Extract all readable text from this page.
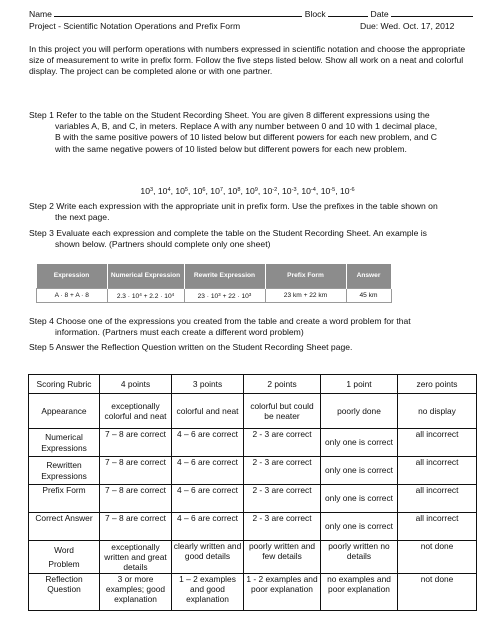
Name	Block	Date
Project - Scientific Notation Operations and Prefix Form	Due: Wed. Oct. 17, 2012
In this project you will perform operations with numbers expressed in scientific notation and choose the appropriate size of measurement to write in prefix form. Follow the five steps listed below. Show all work on a neat and colorful display. The project can be completed alone or with one partner.
Step 1 Refer to the table on the Student Recording Sheet. You are given 8 different expressions using the
variables A, B, and C, in meters. Replace A with any number between 0 and 10 with 1 decimal place,
B with the same positive powers of 10 listed below but different powers for each new problem, and C
with the same negative powers of 10 listed below but different powers for each new problem.
$10^3$, $10^4$, $10^5$, $10^6$, $10^7$, $10^8$, $10^9$, $10^{-2}$, $10^{-3}$, $10^{-4}$, $10^{-5}$, $10^{-6}$
Step 2 Write each expression with the appropriate unit in prefix form. Use the prefixes in the table shown on
the next page.
Step 3 Evaluate each expression and complete the table on the Student Recording Sheet. An example is
shown below. (Partners should complete only one sheet)
Expression	Numerical Expression	Rewrite Expression	Prefix Form	Answer
A · 8 + A · 8	$2.3 \cdot 10^4 + 2.2 \cdot 10^4$	$23 \cdot 10^3 + 22 \cdot 10^3$	23 km + 22 km	45 km
Step 4 Choose one of the expressions you created from the table and create a word problem for that
information. (Partners must each create a different word problem)
Step 5 Answer the Reflection Question written on the Student Recording Sheet page.
Scoring Rubric	4 points	3 points	2 points	1 point	zero points
Appearance	exceptionally colorful and neat	colorful and neat	colorful but could be neater	poorly done	no display
Numerical Expressions	7 – 8 are correct	4 – 6 are correct	2 - 3 are correct	only one is correct	all incorrect
Rewritten Expressions	7 – 8 are correct	4 – 6 are correct	2 - 3 are correct	only one is correct	all incorrect
Prefix Form	7 – 8 are correct	4 – 6 are correct	2 - 3 are correct	only one is correct	all incorrect
Correct Answer	7 – 8 are correct	4 – 6 are correct	2 - 3 are correct	only one is correct	all incorrect

Word
Problem	exceptionally written and great details	clearly written and good details	poorly written and few details	poorly written no details	not done
Reflection Question	3 or more examples; good explanation	1 – 2 examples and good explanation	1 - 2 examples and poor explanation	no examples and poor explanation	not done
